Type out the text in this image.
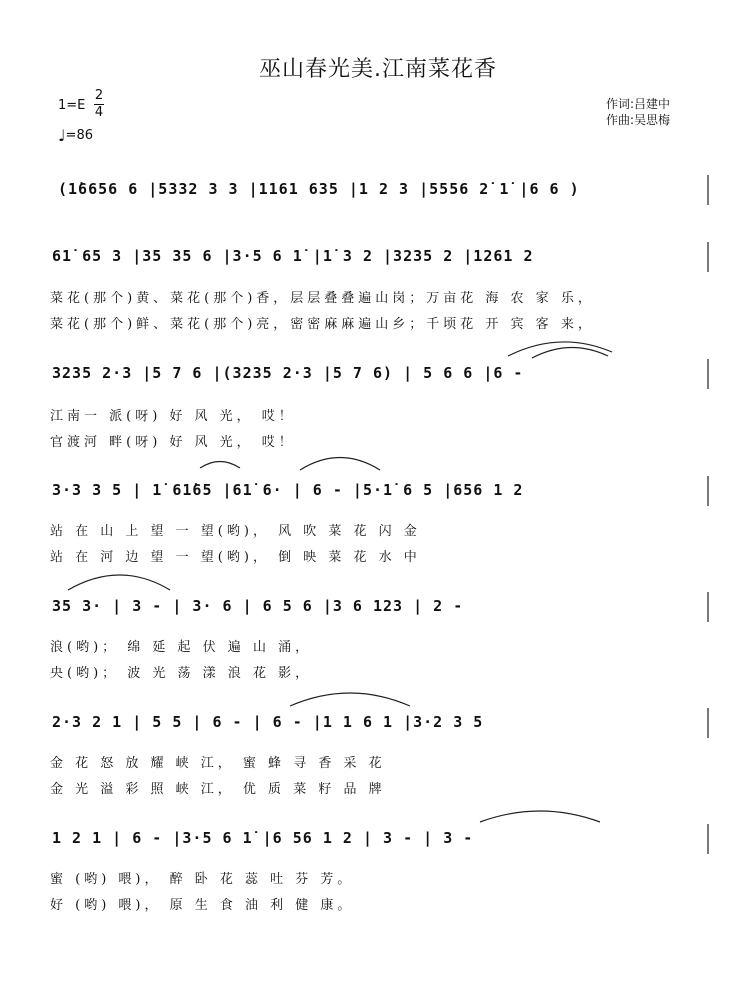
巫山春光美.江南菜花香
1=E
2
4
♩=86
作词:吕建中
作曲:吴思梅
(1̇6656 6 |5332 3 3 |1161 635 |1 2 3 |5556 2̇ 1̇ |6 6 )
61̇ 65 3 |35 35 6 |3·5 6 1̇ |1̇ 3 2 |3235 2 |1261 2
菜花(那个)黄、菜花(那个)香，层层叠叠遍山岗；万亩花 海 农 家 乐，
菜花(那个)鲜、菜花(那个)亮，密密麻麻遍山乡；千顷花 开 宾 客 来，
3235 2·3 |5 7 6 |(3235 2·3 |5 7 6) | 5 6 6 |6 -
江南一 派(呀) 好 风 光， 哎！
官渡河 畔(呀) 好 风 光， 哎！
3·3 3 5 | 1̇ 61̇65 |61̇ 6· | 6 - |5·1̇ 6 5 |656 1 2
站 在 山 上 望 一 望(哟)， 风 吹 菜 花 闪 金
站 在 河 边 望 一 望(哟)， 倒 映 菜 花 水 中
35 3· | 3 - | 3· 6 | 6 5 6 |3 6 123 | 2 -
浪(哟)； 绵 延 起 伏 遍 山 涌，
央(哟)； 波 光 荡 漾 浪 花 影，
2·3 2 1 | 5 5 | 6 - | 6 - |1 1 6 1 |3·2 3 5
金 花 怒 放 耀 峡 江， 蜜 蜂 寻 香 采 花
金 光 溢 彩 照 峡 江， 优 质 菜 籽 品 牌
1 2 1 | 6 - |3·5 6 1̇ |6 56 1 2 | 3 - | 3 -
蜜 (哟) 喂)， 醉 卧 花 蕊 吐 芬 芳。
好 (哟) 喂)， 原 生 食 油 利 健 康。
